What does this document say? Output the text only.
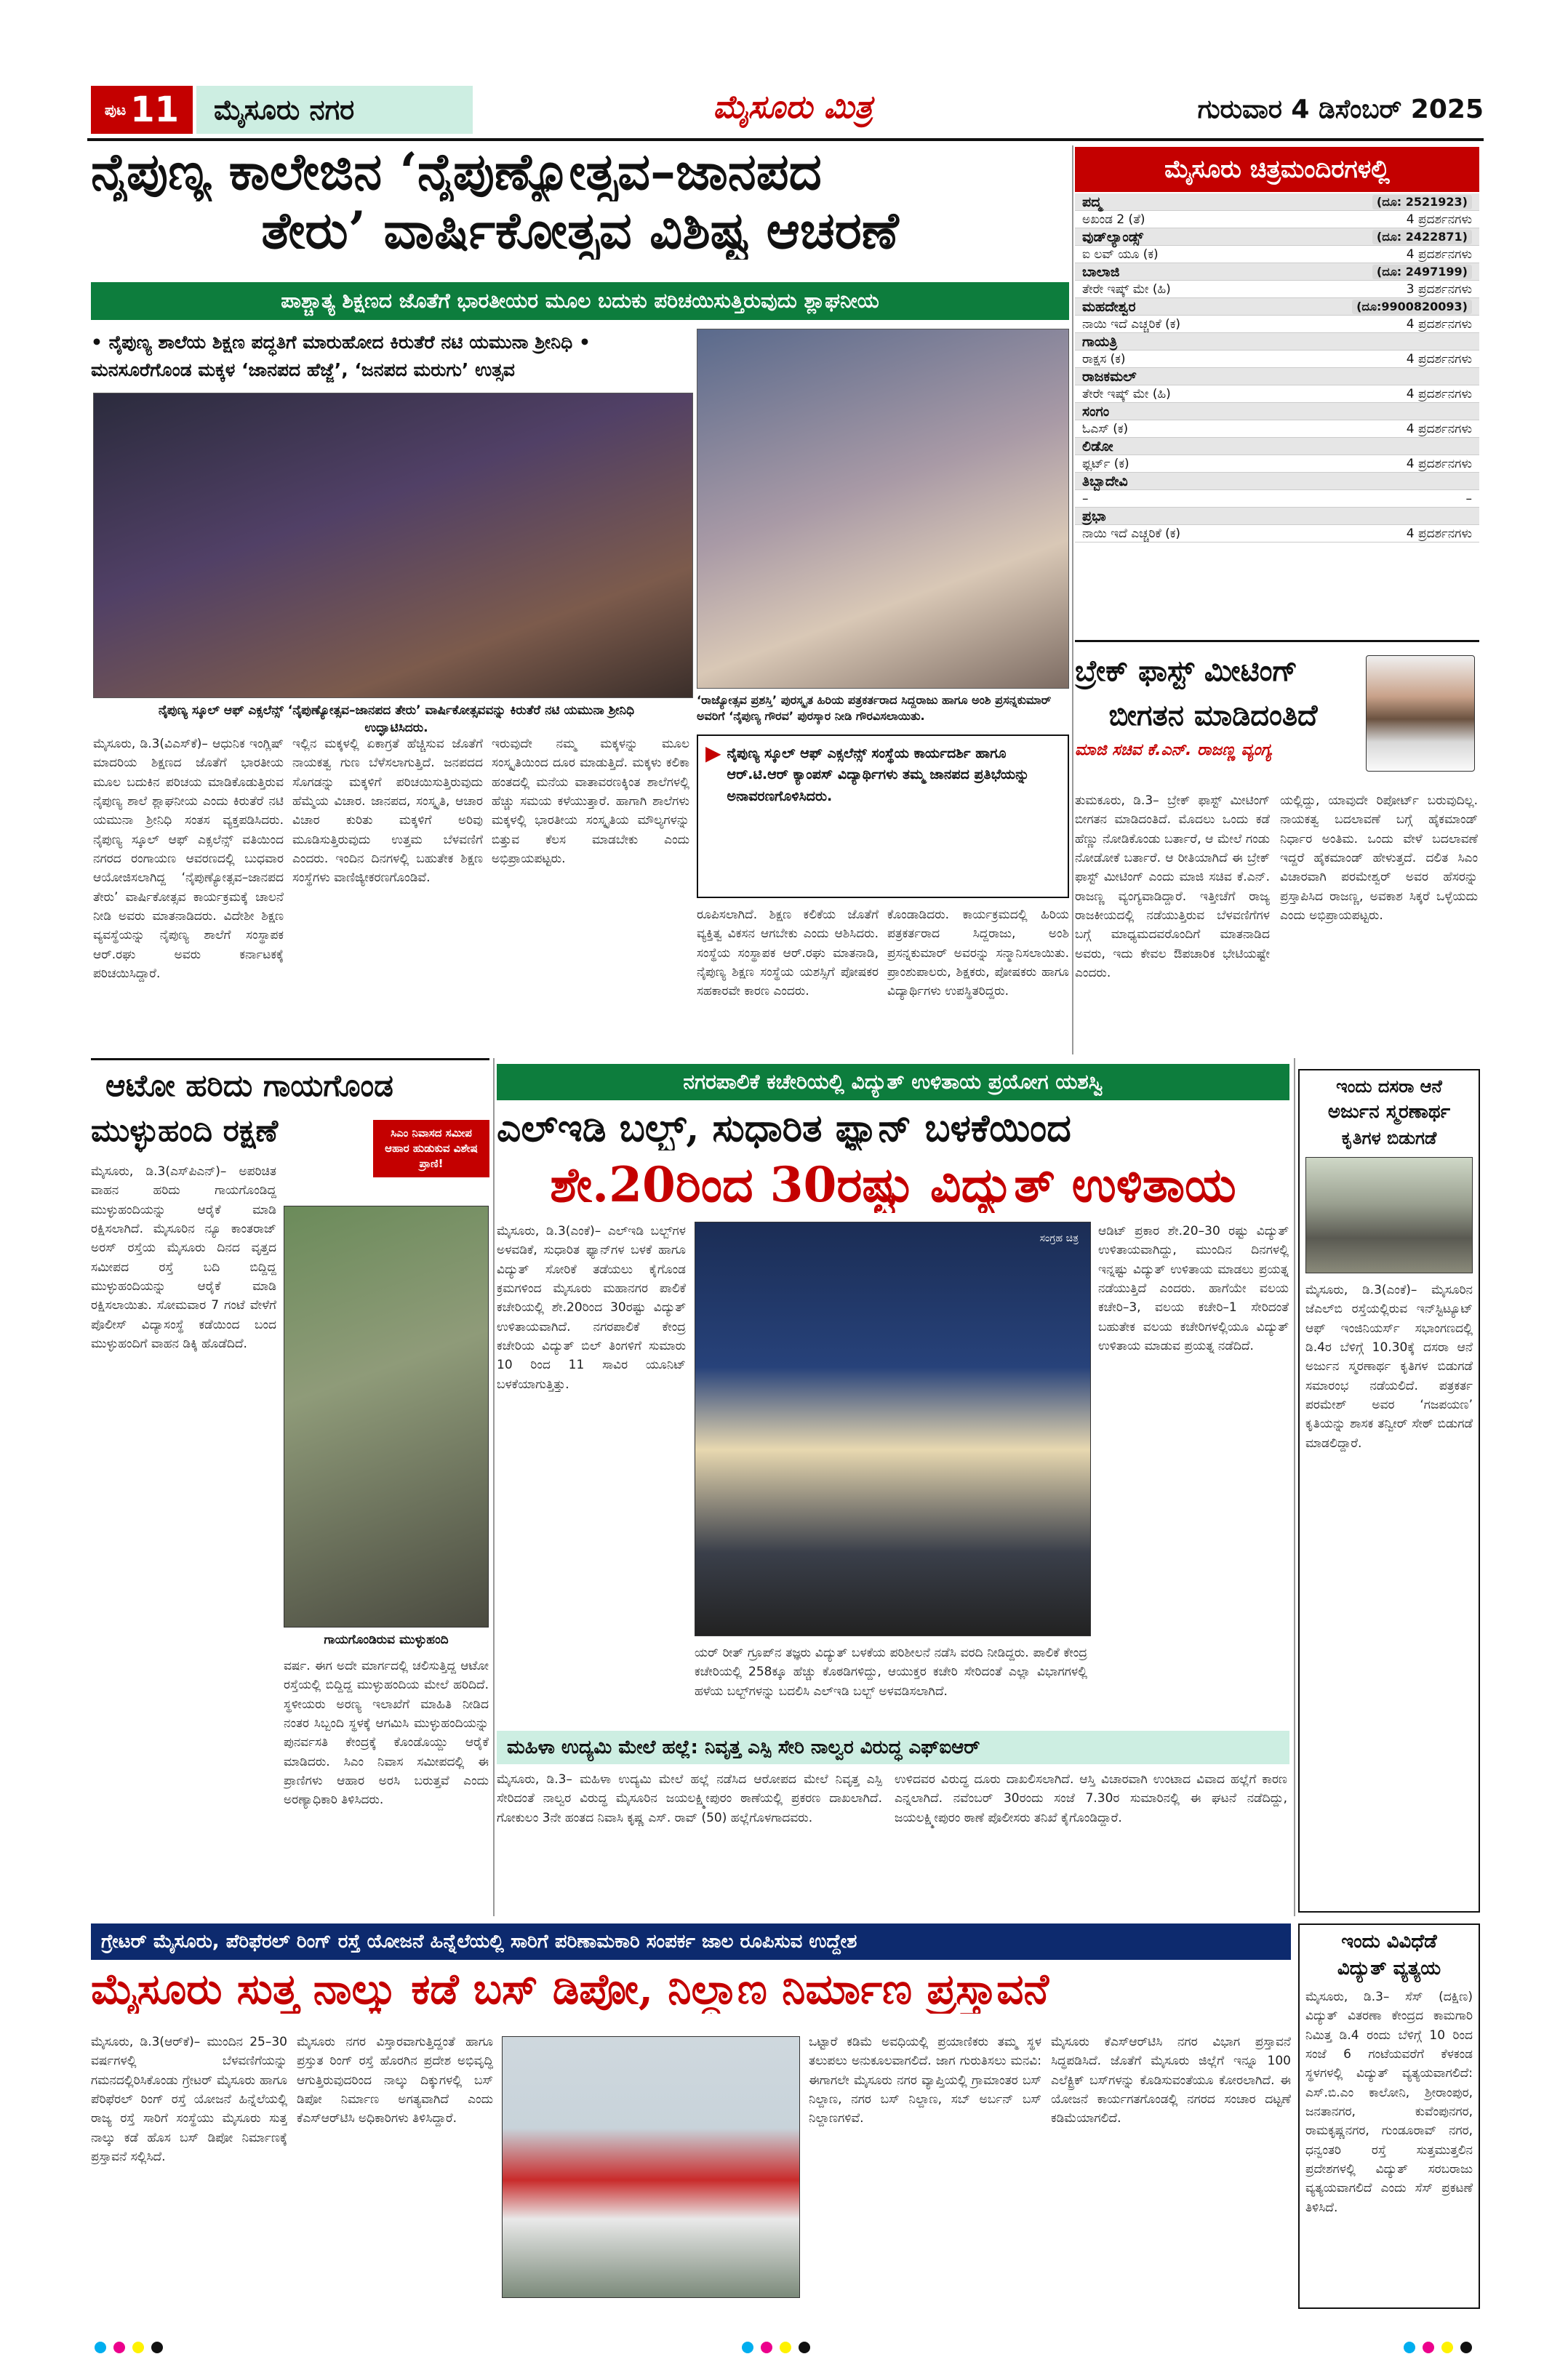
ಪುಟ 11	ಮೈಸೂರು ನಗರ	ಮೈಸೂರು ಮಿತ್ರ	ಗುರುವಾರ 4 ಡಿಸೆಂಬರ್ 2025
ನೈಪುಣ್ಯ ಕಾಲೇಜಿನ ‘ನೈಪುಣ್ಯೋತ್ಸವ–ಜಾನಪದ
ತೇರು’ ವಾರ್ಷಿಕೋತ್ಸವ ವಿಶಿಷ್ಟ ಆಚರಣೆ
ಪಾಶ್ಚಾತ್ಯ ಶಿಕ್ಷಣದ ಜೊತೆಗೆ ಭಾರತೀಯರ ಮೂಲ ಬದುಕು ಪರಿಚಯಿಸುತ್ತಿರುವುದು ಶ್ಲಾಘನೀಯ
• ನೈಪುಣ್ಯ ಶಾಲೆಯ ಶಿಕ್ಷಣ ಪದ್ಧತಿಗೆ ಮಾರುಹೋದ ಕಿರುತೆರೆ ನಟಿ ಯಮುನಾ ಶ್ರೀನಿಧಿ • ಮನಸೂರೆಗೊಂಡ ಮಕ್ಕಳ ‘ಜಾನಪದ ಹೆಜ್ಜೆ’, ‘ಜನಪದ ಮರುಗು’ ಉತ್ಸವ
ನೈಪುಣ್ಯ ಸ್ಕೂಲ್ ಆಫ್ ಎಕ್ಸಲೆನ್ಸ್ ‘ನೈಪುಣ್ಯೋತ್ಸವ–ಜಾನಪದ ತೇರು’ ವಾರ್ಷಿಕೋತ್ಸವವನ್ನು ಕಿರುತೆರೆ ನಟಿ ಯಮುನಾ ಶ್ರೀನಿಧಿ ಉದ್ಘಾಟಿಸಿದರು.
‘ರಾಜ್ಯೋತ್ಸವ ಪ್ರಶಸ್ತಿ’ ಪುರಸ್ಕೃತ ಹಿರಿಯ ಪತ್ರಕರ್ತರಾದ ಸಿದ್ದರಾಜು ಹಾಗೂ ಅಂಶಿ ಪ್ರಸನ್ನಕುಮಾರ್ ಅವರಿಗೆ ‘ನೈಪುಣ್ಯ ಗೌರವ’ ಪುರಸ್ಕಾರ ನೀಡಿ ಗೌರವಿಸಲಾಯಿತು.
▶ ನೈಪುಣ್ಯ ಸ್ಕೂಲ್ ಆಫ್ ಎಕ್ಸಲೆನ್ಸ್ ಸಂಸ್ಥೆಯ ಕಾರ್ಯದರ್ಶಿ ಹಾಗೂ ಆರ್.ಟಿ.ಆರ್ ಕ್ಯಾಂಪಸ್ ವಿದ್ಯಾರ್ಥಿಗಳು ತಮ್ಮ ಜಾನಪದ ಪ್ರತಿಭೆಯನ್ನು ಅನಾವರಣಗೊಳಿಸಿದರು.
ಮೈಸೂರು, ಡಿ.3(ವಿಎಸ್‌ಕೆ)– ಆಧುನಿಕ ಇಂಗ್ಲಿಷ್ ಮಾದರಿಯ ಶಿಕ್ಷಣದ ಜೊತೆಗೆ ಭಾರತೀಯ ಮೂಲ ಬದುಕಿನ ಪರಿಚಯ ಮಾಡಿಕೊಡುತ್ತಿರುವ ನೈಪುಣ್ಯ ಶಾಲೆ ಶ್ಲಾಘನೀಯ ಎಂದು ಕಿರುತೆರೆ ನಟಿ ಯಮುನಾ ಶ್ರೀನಿಧಿ ಸಂತಸ ವ್ಯಕ್ತಪಡಿಸಿದರು. ನೈಪುಣ್ಯ ಸ್ಕೂಲ್ ಆಫ್ ಎಕ್ಸಲೆನ್ಸ್ ವತಿಯಿಂದ ನಗರದ ರಂಗಾಯಣ ಆವರಣದಲ್ಲಿ ಬುಧವಾರ ಆಯೋಜಿಸಲಾಗಿದ್ದ ‘ನೈಪುಣ್ಯೋತ್ಸವ–ಜಾನಪದ ತೇರು’ ವಾರ್ಷಿಕೋತ್ಸವ ಕಾರ್ಯಕ್ರಮಕ್ಕೆ ಚಾಲನೆ ನೀಡಿ ಅವರು ಮಾತನಾಡಿದರು. ವಿದೇಶೀ ಶಿಕ್ಷಣ ವ್ಯವಸ್ಥೆಯನ್ನು ನೈಪುಣ್ಯ ಶಾಲೆಗೆ ಸಂಸ್ಥಾಪಕ ಆರ್.ರಘು ಅವರು ಕರ್ನಾಟಕಕ್ಕೆ ಪರಿಚಯಿಸಿದ್ದಾರೆ.
ಇಲ್ಲಿನ ಮಕ್ಕಳಲ್ಲಿ ಏಕಾಗ್ರತೆ ಹೆಚ್ಚಿಸುವ ಜೊತೆಗೆ ನಾಯಕತ್ವ ಗುಣ ಬೆಳೆಸಲಾಗುತ್ತಿದೆ. ಜನಪದದ ಸೊಗಡನ್ನು ಮಕ್ಕಳಿಗೆ ಪರಿಚಯಿಸುತ್ತಿರುವುದು ಹೆಮ್ಮೆಯ ವಿಚಾರ. ಜಾನಪದ, ಸಂಸ್ಕೃತಿ, ಆಚಾರ ವಿಚಾರ ಕುರಿತು ಮಕ್ಕಳಿಗೆ ಅರಿವು ಮೂಡಿಸುತ್ತಿರುವುದು ಉತ್ತಮ ಬೆಳವಣಿಗೆ ಎಂದರು. ಇಂದಿನ ದಿನಗಳಲ್ಲಿ ಬಹುತೇಕ ಶಿಕ್ಷಣ ಸಂಸ್ಥೆಗಳು ವಾಣಿಜ್ಯೀಕರಣಗೊಂಡಿವೆ.
ಇರುವುದೇ ನಮ್ಮ ಮಕ್ಕಳನ್ನು ಮೂಲ ಸಂಸ್ಕೃತಿಯಿಂದ ದೂರ ಮಾಡುತ್ತಿದೆ. ಮಕ್ಕಳು ಕಲಿಕಾ ಹಂತದಲ್ಲಿ ಮನೆಯ ವಾತಾವರಣಕ್ಕಿಂತ ಶಾಲೆಗಳಲ್ಲಿ ಹೆಚ್ಚು ಸಮಯ ಕಳೆಯುತ್ತಾರೆ. ಹಾಗಾಗಿ ಶಾಲೆಗಳು ಮಕ್ಕಳಲ್ಲಿ ಭಾರತೀಯ ಸಂಸ್ಕೃತಿಯ ಮೌಲ್ಯಗಳನ್ನು ಬಿತ್ತುವ ಕೆಲಸ ಮಾಡಬೇಕು ಎಂದು ಅಭಿಪ್ರಾಯಪಟ್ಟರು.
ರೂಪಿಸಲಾಗಿದೆ. ಶಿಕ್ಷಣ ಕಲಿಕೆಯ ಜೊತೆಗೆ ವ್ಯಕ್ತಿತ್ವ ವಿಕಸನ ಆಗಬೇಕು ಎಂದು ಆಶಿಸಿದರು. ಸಂಸ್ಥೆಯ ಸಂಸ್ಥಾಪಕ ಆರ್.ರಘು ಮಾತನಾಡಿ, ನೈಪುಣ್ಯ ಶಿಕ್ಷಣ ಸಂಸ್ಥೆಯ ಯಶಸ್ಸಿಗೆ ಪೋಷಕರ ಸಹಕಾರವೇ ಕಾರಣ ಎಂದರು.
ಕೊಂಡಾಡಿದರು. ಕಾರ್ಯಕ್ರಮದಲ್ಲಿ ಹಿರಿಯ ಪತ್ರಕರ್ತರಾದ ಸಿದ್ದರಾಜು, ಅಂಶಿ ಪ್ರಸನ್ನಕುಮಾರ್ ಅವರನ್ನು ಸನ್ಮಾನಿಸಲಾಯಿತು. ಪ್ರಾಂಶುಪಾಲರು, ಶಿಕ್ಷಕರು, ಪೋಷಕರು ಹಾಗೂ ವಿದ್ಯಾರ್ಥಿಗಳು ಉಪಸ್ಥಿತರಿದ್ದರು.
ಮೈಸೂರು ಚಿತ್ರಮಂದಿರಗಳಲ್ಲಿ
ಪದ್ಮ	(ದೂ: 2521923)
ಅಖಂಡ 2 (ತೆ)	4 ಪ್ರದರ್ಶನಗಳು
ವುಡ್‌ಲ್ಯಾಂಡ್ಸ್	(ದೂ: 2422871)
ಐ ಲವ್ ಯೂ (ಕ)	4 ಪ್ರದರ್ಶನಗಳು
ಬಾಲಾಜಿ	(ದೂ: 2497199)
ತೇರೇ ಇಷ್ಕ್ ಮೇ (ಹಿ)	3 ಪ್ರದರ್ಶನಗಳು
ಮಹದೇಶ್ವರ	(ದೂ:9900820093)
ನಾಯಿ ಇದೆ ಎಚ್ಚರಿಕೆ (ಕ)	4 ಪ್ರದರ್ಶನಗಳು
ಗಾಯತ್ರಿ
ರಾಕ್ಷಸ (ಕ)	4 ಪ್ರದರ್ಶನಗಳು
ರಾಜಕಮಲ್
ತೇರೇ ಇಷ್ಕ್ ಮೇ (ಹಿ)	4 ಪ್ರದರ್ಶನಗಳು
ಸಂಗಂ
ಓಎಸ್ (ಕ)	4 ಪ್ರದರ್ಶನಗಳು
ಲಿಡೋ
ಫ್ಲರ್ಟ್ (ಕ)	4 ಪ್ರದರ್ಶನಗಳು
ತಿಬ್ಬಾದೇವಿ
–	–
ಪ್ರಭಾ
ನಾಯಿ ಇದೆ ಎಚ್ಚರಿಕೆ (ಕ)	4 ಪ್ರದರ್ಶನಗಳು
ಬ್ರೇಕ್ ಫಾಸ್ಟ್ ಮೀಟಿಂಗ್
ಬೀಗತನ ಮಾಡಿದಂತಿದೆ
ಮಾಜಿ ಸಚಿವ ಕೆ.ಎನ್. ರಾಜಣ್ಣ ವ್ಯಂಗ್ಯ
ತುಮಕೂರು, ಡಿ.3– ಬ್ರೇಕ್ ಫಾಸ್ಟ್ ಮೀಟಿಂಗ್ ಬೀಗತನ ಮಾಡಿದಂತಿದೆ. ಮೊದಲು ಒಂದು ಕಡೆ ಹೆಣ್ಣು ನೋಡಿಕೊಂಡು ಬರ್ತಾರೆ, ಆ ಮೇಲೆ ಗಂಡು ನೋಡೋಕೆ ಬರ್ತಾರೆ. ಆ ರೀತಿಯಾಗಿದೆ ಈ ಬ್ರೇಕ್ ಫಾಸ್ಟ್ ಮೀಟಿಂಗ್ ಎಂದು ಮಾಜಿ ಸಚಿವ ಕೆ.ಎನ್. ರಾಜಣ್ಣ ವ್ಯಂಗ್ಯವಾಡಿದ್ದಾರೆ. ಇತ್ತೀಚೆಗೆ ರಾಜ್ಯ ರಾಜಕೀಯದಲ್ಲಿ ನಡೆಯುತ್ತಿರುವ ಬೆಳವಣಿಗೆಗಳ ಬಗ್ಗೆ ಮಾಧ್ಯಮದವರೊಂದಿಗೆ ಮಾತನಾಡಿದ ಅವರು, ಇದು ಕೇವಲ ಔಪಚಾರಿಕ ಭೇಟಿಯಷ್ಟೇ ಎಂದರು.
ಯಲ್ಲಿದ್ದು, ಯಾವುದೇ ರಿಪೋರ್ಟ್ ಬರುವುದಿಲ್ಲ. ನಾಯಕತ್ವ ಬದಲಾವಣೆ ಬಗ್ಗೆ ಹೈಕಮಾಂಡ್ ನಿರ್ಧಾರ ಅಂತಿಮ. ಒಂದು ವೇಳೆ ಬದಲಾವಣೆ ಇದ್ದರೆ ಹೈಕಮಾಂಡ್ ಹೇಳುತ್ತದೆ. ದಲಿತ ಸಿಎಂ ವಿಚಾರವಾಗಿ ಪರಮೇಶ್ವರ್ ಅವರ ಹೆಸರನ್ನು ಪ್ರಸ್ತಾಪಿಸಿದ ರಾಜಣ್ಣ, ಅವಕಾಶ ಸಿಕ್ಕರೆ ಒಳ್ಳೆಯದು ಎಂದು ಅಭಿಪ್ರಾಯಪಟ್ಟರು.
ಆಟೋ ಹರಿದು ಗಾಯಗೊಂಡ
ಮುಳ್ಳುಹಂದಿ ರಕ್ಷಣೆ	ಸಿಎಂ ನಿವಾಸದ ಸಮೀಪ ಆಹಾರ ಹುಡುಕುವ ವಿಶೇಷ ಪ್ರಾಣಿ!
ಗಾಯಗೊಂಡಿರುವ ಮುಳ್ಳುಹಂದಿ
ಮೈಸೂರು, ಡಿ.3(ಎಸ್‌ಪಿಎನ್)– ಅಪರಿಚಿತ ವಾಹನ ಹರಿದು ಗಾಯಗೊಂಡಿದ್ದ ಮುಳ್ಳುಹಂದಿಯನ್ನು ಆರೈಕೆ ಮಾಡಿ ರಕ್ಷಿಸಲಾಗಿದೆ. ಮೈಸೂರಿನ ನ್ಯೂ ಕಾಂತರಾಜ್ ಅರಸ್ ರಸ್ತೆಯ ಮೈಸೂರು ದಿನದ ವೃತ್ತದ ಸಮೀಪದ ರಸ್ತೆ ಬದಿ ಬಿದ್ದಿದ್ದ ಮುಳ್ಳುಹಂದಿಯನ್ನು ಆರೈಕೆ ಮಾಡಿ ರಕ್ಷಿಸಲಾಯಿತು. ಸೋಮವಾರ 7 ಗಂಟೆ ವೇಳೆಗೆ ಪೊಲೀಸ್ ವಿದ್ಯಾಸಂಸ್ಥೆ ಕಡೆಯಿಂದ ಬಂದ ಮುಳ್ಳುಹಂದಿಗೆ ವಾಹನ ಡಿಕ್ಕಿ ಹೊಡೆದಿದೆ.
ವರ್ಷ. ಈಗ ಅದೇ ಮಾರ್ಗದಲ್ಲಿ ಚಲಿಸುತ್ತಿದ್ದ ಆಟೋ ರಸ್ತೆಯಲ್ಲಿ ಬಿದ್ದಿದ್ದ ಮುಳ್ಳುಹಂದಿಯ ಮೇಲೆ ಹರಿದಿದೆ. ಸ್ಥಳೀಯರು ಅರಣ್ಯ ಇಲಾಖೆಗೆ ಮಾಹಿತಿ ನೀಡಿದ ನಂತರ ಸಿಬ್ಬಂದಿ ಸ್ಥಳಕ್ಕೆ ಆಗಮಿಸಿ ಮುಳ್ಳುಹಂದಿಯನ್ನು ಪುನರ್ವಸತಿ ಕೇಂದ್ರಕ್ಕೆ ಕೊಂಡೊಯ್ದು ಆರೈಕೆ ಮಾಡಿದರು. ಸಿಎಂ ನಿವಾಸ ಸಮೀಪದಲ್ಲಿ ಈ ಪ್ರಾಣಿಗಳು ಆಹಾರ ಅರಸಿ ಬರುತ್ತವೆ ಎಂದು ಅರಣ್ಯಾಧಿಕಾರಿ ತಿಳಿಸಿದರು.
ನಗರಪಾಲಿಕೆ ಕಚೇರಿಯಲ್ಲಿ ವಿದ್ಯುತ್ ಉಳಿತಾಯ ಪ್ರಯೋಗ ಯಶಸ್ವಿ
ಎಲ್‌ಇಡಿ ಬಲ್ಬ್, ಸುಧಾರಿತ ಫ್ಯಾನ್ ಬಳಕೆಯಿಂದ
ಶೇ.20ರಿಂದ 30ರಷ್ಟು ವಿದ್ಯುತ್ ಉಳಿತಾಯ
ಸಂಗ್ರಹ ಚಿತ್ರ
ಮೈಸೂರು, ಡಿ.3(ಎಂಕೆ)– ಎಲ್‌ಇಡಿ ಬಲ್ಬ್‌ಗಳ ಅಳವಡಿಕೆ, ಸುಧಾರಿತ ಫ್ಯಾನ್‌ಗಳ ಬಳಕೆ ಹಾಗೂ ವಿದ್ಯುತ್ ಸೋರಿಕೆ ತಡೆಯಲು ಕೈಗೊಂಡ ಕ್ರಮಗಳಿಂದ ಮೈಸೂರು ಮಹಾನಗರ ಪಾಲಿಕೆ ಕಚೇರಿಯಲ್ಲಿ ಶೇ.20ರಿಂದ 30ರಷ್ಟು ವಿದ್ಯುತ್ ಉಳಿತಾಯವಾಗಿದೆ. ನಗರಪಾಲಿಕೆ ಕೇಂದ್ರ ಕಚೇರಿಯ ವಿದ್ಯುತ್ ಬಿಲ್ ತಿಂಗಳಿಗೆ ಸುಮಾರು 10 ರಿಂದ 11 ಸಾವಿರ ಯೂನಿಟ್ ಬಳಕೆಯಾಗುತ್ತಿತ್ತು.
ಯರ್ ರೀತ್ ಗ್ರೂಪ್‌ನ ತಜ್ಞರು ವಿದ್ಯುತ್ ಬಳಕೆಯ ಪರಿಶೀಲನೆ ನಡೆಸಿ ವರದಿ ನೀಡಿದ್ದರು. ಪಾಲಿಕೆ ಕೇಂದ್ರ ಕಚೇರಿಯಲ್ಲಿ 258ಕ್ಕೂ ಹೆಚ್ಚು ಕೊಠಡಿಗಳಿದ್ದು, ಆಯುಕ್ತರ ಕಚೇರಿ ಸೇರಿದಂತೆ ಎಲ್ಲಾ ವಿಭಾಗಗಳಲ್ಲಿ ಹಳೆಯ ಬಲ್ಬ್‌ಗಳನ್ನು ಬದಲಿಸಿ ಎಲ್‌ಇಡಿ ಬಲ್ಬ್ ಅಳವಡಿಸಲಾಗಿದೆ.
ಆಡಿಟ್ ಪ್ರಕಾರ ಶೇ.20–30 ರಷ್ಟು ವಿದ್ಯುತ್ ಉಳಿತಾಯವಾಗಿದ್ದು, ಮುಂದಿನ ದಿನಗಳಲ್ಲಿ ಇನ್ನಷ್ಟು ವಿದ್ಯುತ್ ಉಳಿತಾಯ ಮಾಡಲು ಪ್ರಯತ್ನ ನಡೆಯುತ್ತಿದೆ ಎಂದರು. ಹಾಗೆಯೇ ವಲಯ ಕಚೇರಿ–3, ವಲಯ ಕಚೇರಿ–1 ಸೇರಿದಂತೆ ಬಹುತೇಕ ವಲಯ ಕಚೇರಿಗಳಲ್ಲಿಯೂ ವಿದ್ಯುತ್ ಉಳಿತಾಯ ಮಾಡುವ ಪ್ರಯತ್ನ ನಡೆದಿದೆ.
ಇಂದು ದಸರಾ ಆನೆ
ಅರ್ಜುನ ಸ್ಮರಣಾರ್ಥ
ಕೃತಿಗಳ ಬಿಡುಗಡೆ
ಮೈಸೂರು, ಡಿ.3(ಎಂಕೆ)– ಮೈಸೂರಿನ ಜೆಎಲ್‌ಬಿ ರಸ್ತೆಯಲ್ಲಿರುವ ಇನ್‌ಸ್ಟಿಟ್ಯೂಟ್ ಆಫ್ ಇಂಜಿನಿಯರ್ಸ್ ಸಭಾಂಗಣದಲ್ಲಿ ಡಿ.4ರ ಬೆಳಿಗ್ಗೆ 10.30ಕ್ಕೆ ದಸರಾ ಆನೆ ಅರ್ಜುನ ಸ್ಮರಣಾರ್ಥ ಕೃತಿಗಳ ಬಿಡುಗಡೆ ಸಮಾರಂಭ ನಡೆಯಲಿದೆ. ಪತ್ರಕರ್ತ ಪರಮೇಶ್ ಅವರ ‘ಗಜಪಯಣ’ ಕೃತಿಯನ್ನು ಶಾಸಕ ತನ್ವೀರ್ ಸೇಠ್ ಬಿಡುಗಡೆ ಮಾಡಲಿದ್ದಾರೆ.
ಮಹಿಳಾ ಉದ್ಯಮಿ ಮೇಲೆ ಹಲ್ಲೆ: ನಿವೃತ್ತ ಎಸ್ಪಿ ಸೇರಿ ನಾಲ್ವರ ವಿರುದ್ಧ ಎಫ್‌ಐಆರ್
ಮೈಸೂರು, ಡಿ.3– ಮಹಿಳಾ ಉದ್ಯಮಿ ಮೇಲೆ ಹಲ್ಲೆ ನಡೆಸಿದ ಆರೋಪದ ಮೇಲೆ ನಿವೃತ್ತ ಎಸ್ಪಿ ಸೇರಿದಂತೆ ನಾಲ್ವರ ವಿರುದ್ಧ ಮೈಸೂರಿನ ಜಯಲಕ್ಷ್ಮೀಪುರಂ ಠಾಣೆಯಲ್ಲಿ ಪ್ರಕರಣ ದಾಖಲಾಗಿದೆ. ಗೋಕುಲಂ 3ನೇ ಹಂತದ ನಿವಾಸಿ ಕೃಷ್ಣ ಎಸ್. ರಾವ್ (50) ಹಲ್ಲೆಗೊಳಗಾದವರು.
ಉಳಿದವರ ವಿರುದ್ಧ ದೂರು ದಾಖಲಿಸಲಾಗಿದೆ. ಆಸ್ತಿ ವಿಚಾರವಾಗಿ ಉಂಟಾದ ವಿವಾದ ಹಲ್ಲೆಗೆ ಕಾರಣ ಎನ್ನಲಾಗಿದೆ. ನವೆಂಬರ್ 30ರಂದು ಸಂಜೆ 7.30ರ ಸುಮಾರಿನಲ್ಲಿ ಈ ಘಟನೆ ನಡೆದಿದ್ದು, ಜಯಲಕ್ಷ್ಮೀಪುರಂ ಠಾಣೆ ಪೊಲೀಸರು ತನಿಖೆ ಕೈಗೊಂಡಿದ್ದಾರೆ.
ಗ್ರೇಟರ್ ಮೈಸೂರು, ಪೆರಿಫೆರಲ್ ರಿಂಗ್ ರಸ್ತೆ ಯೋಜನೆ ಹಿನ್ನೆಲೆಯಲ್ಲಿ ಸಾರಿಗೆ ಪರಿಣಾಮಕಾರಿ ಸಂಪರ್ಕ ಜಾಲ ರೂಪಿಸುವ ಉದ್ದೇಶ
ಮೈಸೂರು ಸುತ್ತ ನಾಲ್ಕು ಕಡೆ ಬಸ್ ಡಿಪೋ, ನಿಲ್ದಾಣ ನಿರ್ಮಾಣ ಪ್ರಸ್ತಾವನೆ
ಮೈಸೂರು, ಡಿ.3(ಆರ್‌ಕೆ)– ಮುಂದಿನ 25–30 ವರ್ಷಗಳಲ್ಲಿ ಬೆಳವಣಿಗೆಯನ್ನು ಗಮನದಲ್ಲಿರಿಸಿಕೊಂಡು ಗ್ರೇಟರ್ ಮೈಸೂರು ಹಾಗೂ ಪೆರಿಫೆರಲ್ ರಿಂಗ್ ರಸ್ತೆ ಯೋಜನೆ ಹಿನ್ನೆಲೆಯಲ್ಲಿ ರಾಜ್ಯ ರಸ್ತೆ ಸಾರಿಗೆ ಸಂಸ್ಥೆಯು ಮೈಸೂರು ಸುತ್ತ ನಾಲ್ಕು ಕಡೆ ಹೊಸ ಬಸ್ ಡಿಪೋ ನಿರ್ಮಾಣಕ್ಕೆ ಪ್ರಸ್ತಾವನೆ ಸಲ್ಲಿಸಿದೆ.
ಮೈಸೂರು ನಗರ ವಿಸ್ತಾರವಾಗುತ್ತಿದ್ದಂತೆ ಹಾಗೂ ಪ್ರಸ್ತುತ ರಿಂಗ್ ರಸ್ತೆ ಹೊರಗಿನ ಪ್ರದೇಶ ಅಭಿವೃದ್ಧಿ ಆಗುತ್ತಿರುವುದರಿಂದ ನಾಲ್ಕು ದಿಕ್ಕುಗಳಲ್ಲಿ ಬಸ್ ಡಿಪೋ ನಿರ್ಮಾಣ ಅಗತ್ಯವಾಗಿದೆ ಎಂದು ಕೆಎಸ್‌ಆರ್‌ಟಿಸಿ ಅಧಿಕಾರಿಗಳು ತಿಳಿಸಿದ್ದಾರೆ.
ಒಟ್ಟಾರೆ ಕಡಿಮೆ ಅವಧಿಯಲ್ಲಿ ಪ್ರಯಾಣಿಕರು ತಮ್ಮ ಸ್ಥಳ ತಲುಪಲು ಅನುಕೂಲವಾಗಲಿದೆ. ಜಾಗ ಗುರುತಿಸಲು ಮನವಿ: ಈಗಾಗಲೇ ಮೈಸೂರು ನಗರ ವ್ಯಾಪ್ತಿಯಲ್ಲಿ ಗ್ರಾಮಾಂತರ ಬಸ್ ನಿಲ್ದಾಣ, ನಗರ ಬಸ್ ನಿಲ್ದಾಣ, ಸಬ್ ಅರ್ಬನ್ ಬಸ್ ನಿಲ್ದಾಣಗಳಿವೆ.
ಮೈಸೂರು ಕೆಎಸ್‌ಆರ್‌ಟಿಸಿ ನಗರ ವಿಭಾಗ ಪ್ರಸ್ತಾವನೆ ಸಿದ್ಧಪಡಿಸಿದೆ. ಜೊತೆಗೆ ಮೈಸೂರು ಜಿಲ್ಲೆಗೆ ಇನ್ನೂ 100 ಎಲೆಕ್ಟ್ರಿಕ್ ಬಸ್‌ಗಳನ್ನು ಕೊಡಿಸುವಂತೆಯೂ ಕೋರಲಾಗಿದೆ. ಈ ಯೋಜನೆ ಕಾರ್ಯಗತಗೊಂಡಲ್ಲಿ ನಗರದ ಸಂಚಾರ ದಟ್ಟಣೆ ಕಡಿಮೆಯಾಗಲಿದೆ.
ಇಂದು ವಿವಿಧೆಡೆ
ವಿದ್ಯುತ್ ವ್ಯತ್ಯಯ
ಮೈಸೂರು, ಡಿ.3– ಸೆಸ್ (ದಕ್ಷಿಣ) ವಿದ್ಯುತ್ ವಿತರಣಾ ಕೇಂದ್ರದ ಕಾಮಗಾರಿ ನಿಮಿತ್ತ ಡಿ.4 ರಂದು ಬೆಳಿಗ್ಗೆ 10 ರಿಂದ ಸಂಜೆ 6 ಗಂಟೆಯವರೆಗೆ ಕೆಳಕಂಡ ಸ್ಥಳಗಳಲ್ಲಿ ವಿದ್ಯುತ್ ವ್ಯತ್ಯಯವಾಗಲಿದೆ: ಎಸ್.ಬಿ.ಎಂ ಕಾಲೋನಿ, ಶ್ರೀರಾಂಪುರ, ಜನತಾನಗರ, ಕುವೆಂಪುನಗರ, ರಾಮಕೃಷ್ಣನಗರ, ಗುಂಡೂರಾವ್ ನಗರ, ಧನ್ವಂತರಿ ರಸ್ತೆ ಸುತ್ತಮುತ್ತಲಿನ ಪ್ರದೇಶಗಳಲ್ಲಿ ವಿದ್ಯುತ್ ಸರಬರಾಜು ವ್ಯತ್ಯಯವಾಗಲಿದೆ ಎಂದು ಸೆಸ್ ಪ್ರಕಟಣೆ ತಿಳಿಸಿದೆ.
